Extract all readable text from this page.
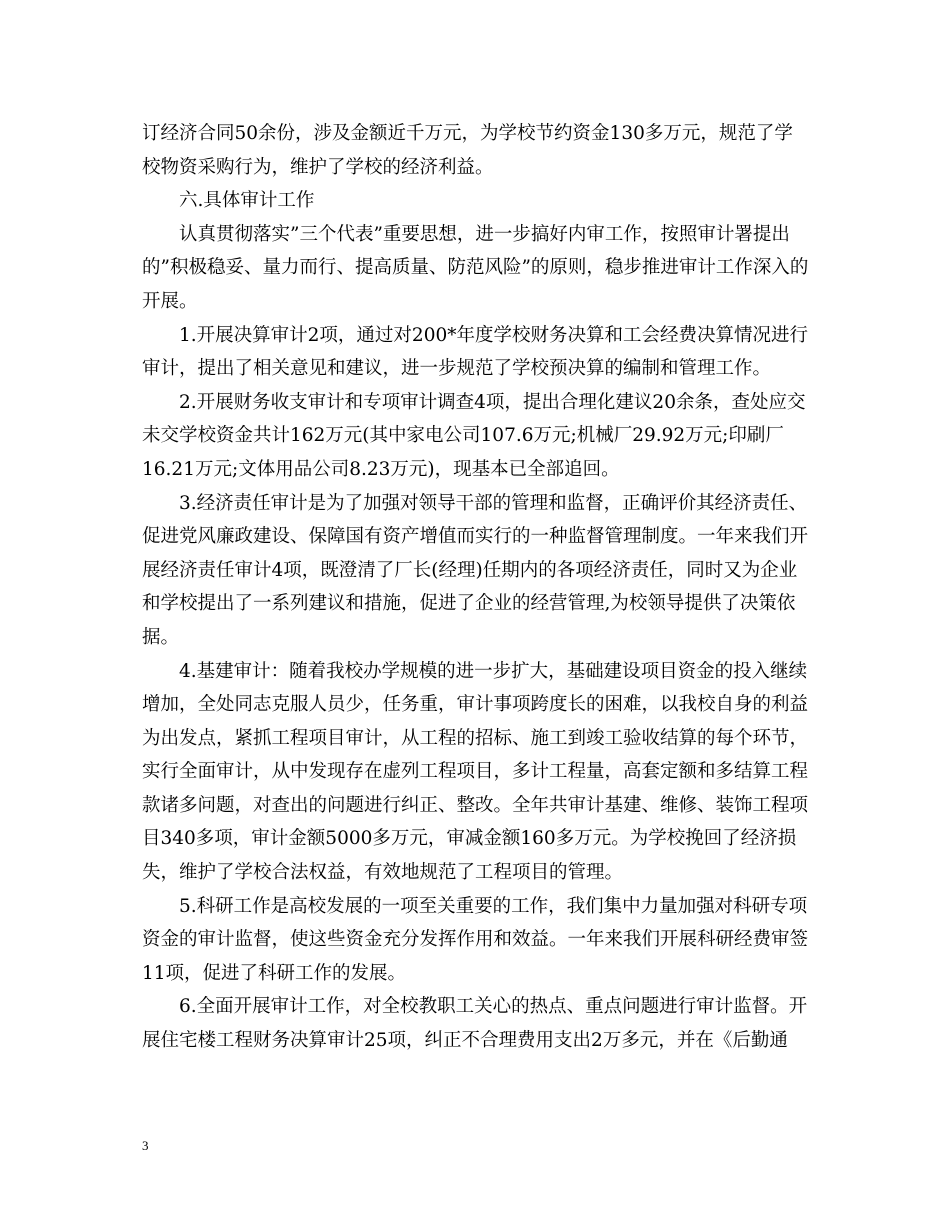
订经济合同50余份，涉及金额近千万元，为学校节约资金130多万元，规范了学校物资采购行为，维护了学校的经济利益。

六.具体审计工作

认真贯彻落实”三个代表”重要思想，进一步搞好内审工作，按照审计署提出的”积极稳妥、量力而行、提高质量、防范风险”的原则，稳步推进审计工作深入的开展。

1.开展决算审计2项，通过对200*年度学校财务决算和工会经费决算情况进行审计，提出了相关意见和建议，进一步规范了学校预决算的编制和管理工作。

2.开展财务收支审计和专项审计调查4项，提出合理化建议20余条，查处应交未交学校资金共计162万元(其中家电公司107.6万元;机械厂29.92万元;印刷厂16.21万元;文体用品公司8.23万元)，现基本已全部追回。

3.经济责任审计是为了加强对领导干部的管理和监督，正确评价其经济责任、促进党风廉政建设、保障国有资产增值而实行的一种监督管理制度。一年来我们开展经济责任审计4项，既澄清了厂长(经理)任期内的各项经济责任，同时又为企业和学校提出了一系列建议和措施，促进了企业的经营管理,为校领导提供了决策依据。

4.基建审计：随着我校办学规模的进一步扩大，基础建设项目资金的投入继续增加，全处同志克服人员少，任务重，审计事项跨度长的困难，以我校自身的利益为出发点，紧抓工程项目审计，从工程的招标、施工到竣工验收结算的每个环节，实行全面审计，从中发现存在虚列工程项目，多计工程量，高套定额和多结算工程款诸多问题，对查出的问题进行纠正、整改。全年共审计基建、维修、装饰工程项目340多项，审计金额5000多万元，审减金额160多万元。为学校挽回了经济损失，维护了学校合法权益，有效地规范了工程项目的管理。

5.科研工作是高校发展的一项至关重要的工作，我们集中力量加强对科研专项资金的审计监督，使这些资金充分发挥作用和效益。一年来我们开展科研经费审签11项，促进了科研工作的发展。

6.全面开展审计工作，对全校教职工关心的热点、重点问题进行审计监督。开展住宅楼工程财务决算审计25项，纠正不合理费用支出2万多元，并在《后勤通

3
